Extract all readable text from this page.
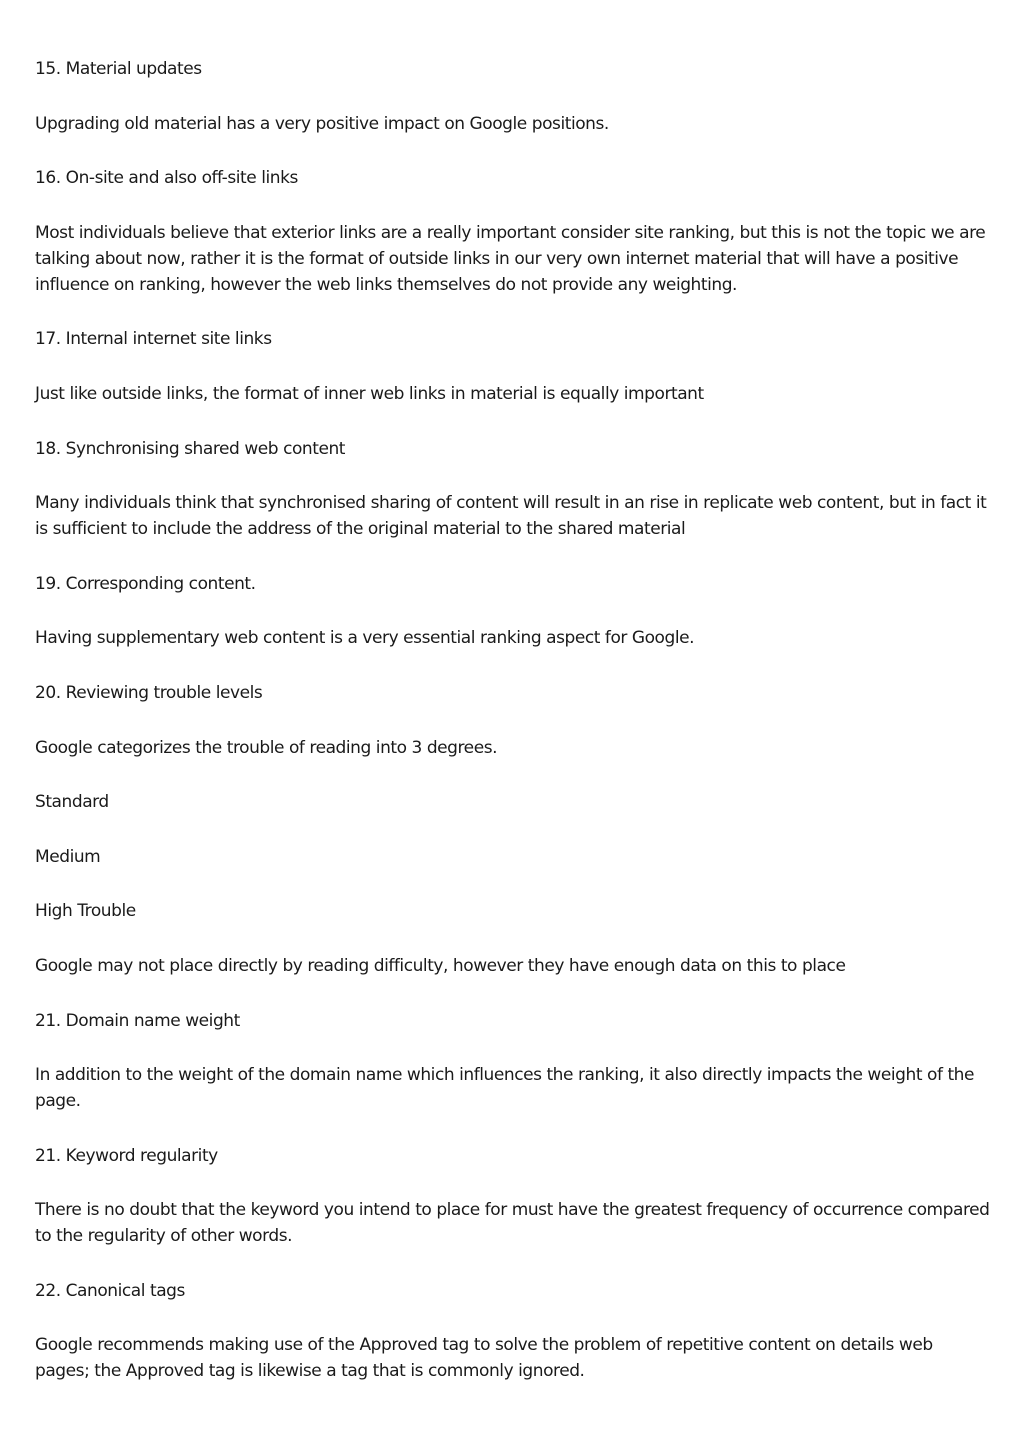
15. Material updates

Upgrading old material has a very positive impact on Google positions.

16. On-site and also off-site links

Most individuals believe that exterior links are a really important consider site ranking, but this is not the topic we are talking about now, rather it is the format of outside links in our very own internet material that will have a positive influence on ranking, however the web links themselves do not provide any weighting.

17. Internal internet site links

Just like outside links, the format of inner web links in material is equally important

18. Synchronising shared web content

Many individuals think that synchronised sharing of content will result in an rise in replicate web content, but in fact it is sufficient to include the address of the original material to the shared material

19. Corresponding content.

Having supplementary web content is a very essential ranking aspect for Google.

20. Reviewing trouble levels

Google categorizes the trouble of reading into 3 degrees.

Standard

Medium

High Trouble

Google may not place directly by reading difficulty, however they have enough data on this to place

21. Domain name weight

In addition to the weight of the domain name which influences the ranking, it also directly impacts the weight of the page.

21. Keyword regularity

There is no doubt that the keyword you intend to place for must have the greatest frequency of occurrence compared to the regularity of other words.

22. Canonical tags

Google recommends making use of the Approved tag to solve the problem of repetitive content on details web pages; the Approved tag is likewise a tag that is commonly ignored.
